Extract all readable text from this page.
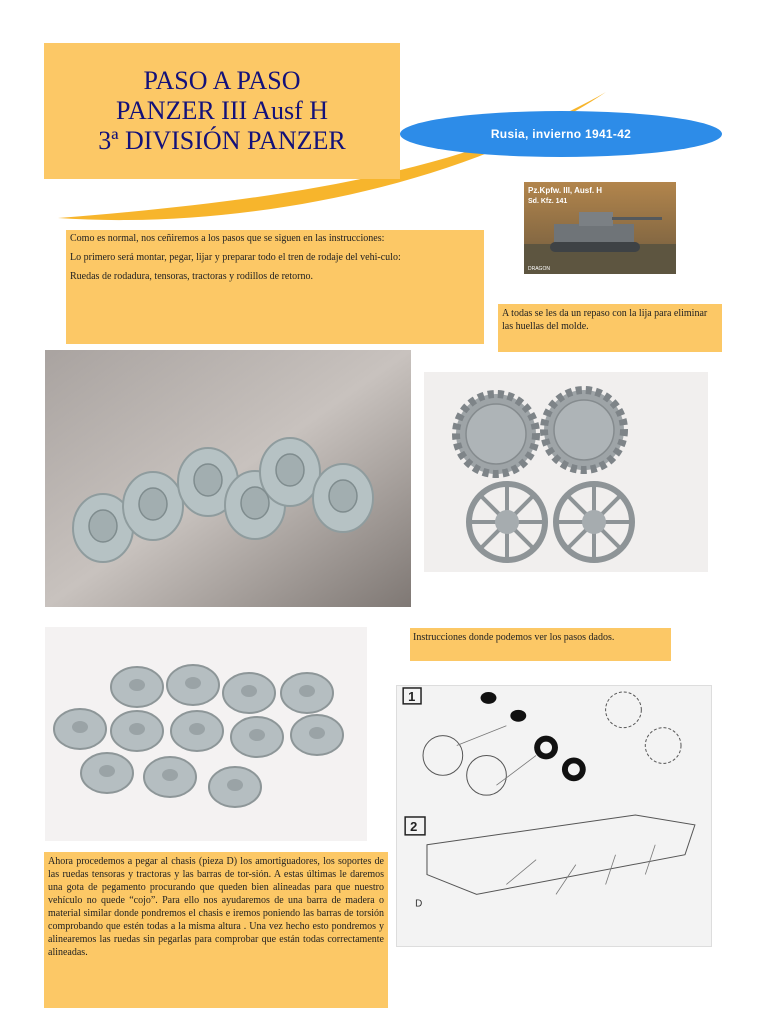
PASO A PASO
PANZER III Ausf H
3ª DIVISIÓN PANZER	Rusia, invierno 1941-42
Pz.Kpfw. III, Ausf. H
Sd. Kfz. 141
DRAGON

Como es normal, nos ceñiremos a los pasos que se siguen en las instrucciones:

Lo primero será montar, pegar, lijar y preparar todo el tren de rodaje del vehi-culo:

Ruedas de rodadura, tensoras, tractoras y rodillos de retorno.

A todas se les da un repaso con la lija para eliminar las huellas del molde.
Instrucciones donde podemos ver los pasos dados.
1
2
D
Ahora procedemos a pegar al chasis (pieza D) los amortiguadores, los soportes de las ruedas tensoras y tractoras y las barras de tor-sión. A estas últimas le daremos una gota de pegamento procurando que queden bien alineadas para que nuestro vehículo no quede “cojo”. Para ello nos ayudaremos de una barra de madera o material similar donde pondremos el chasis e iremos poniendo las barras de torsión comprobando que estén todas a la misma altura . Una vez hecho esto pondremos y alinearemos las ruedas sin pegarlas para comprobar que están todas correctamente alineadas.
